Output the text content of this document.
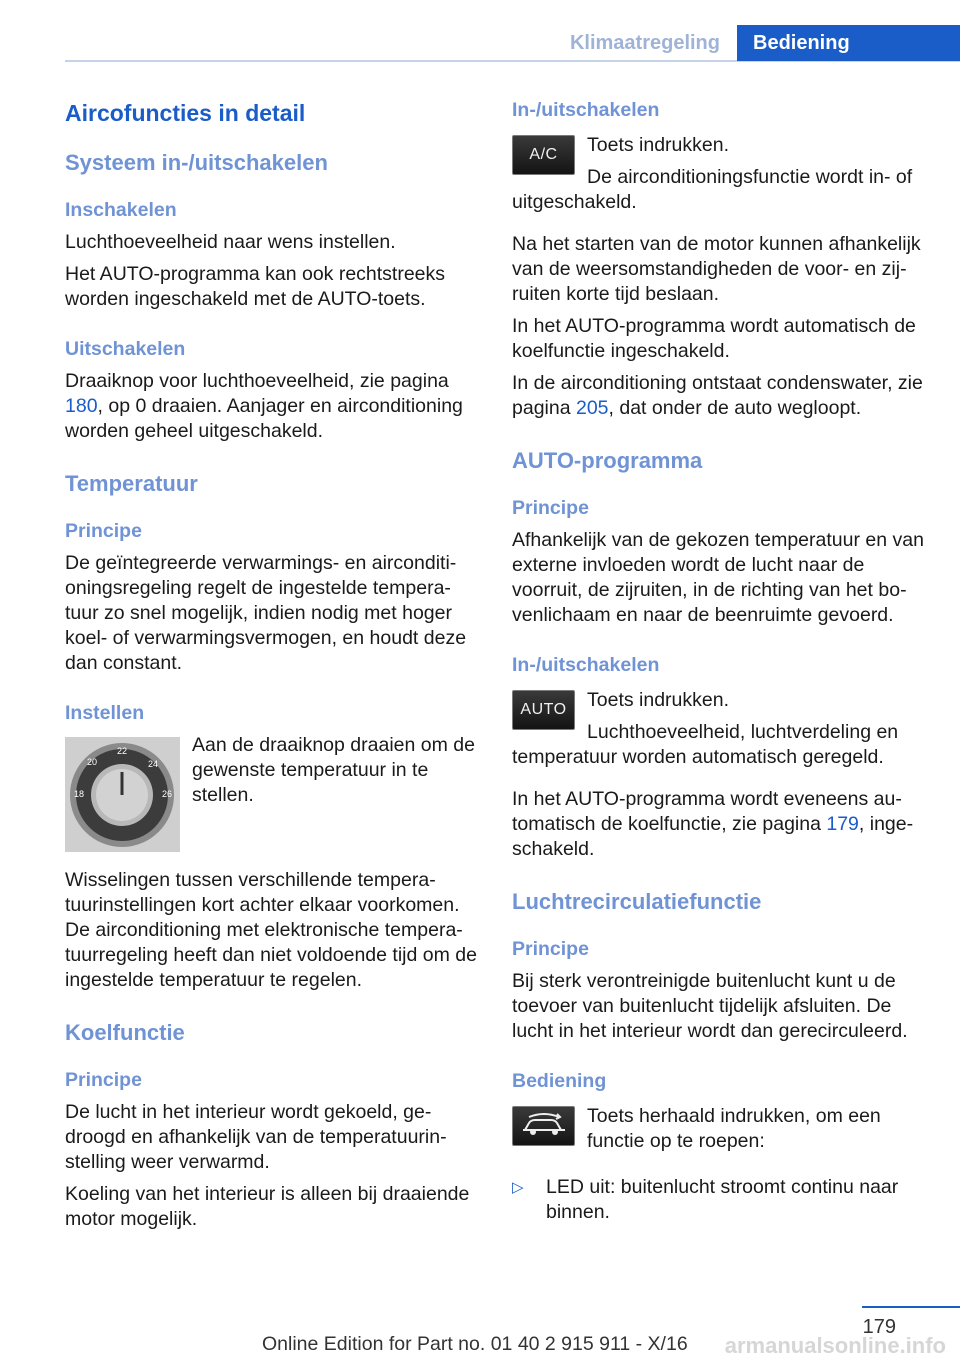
Klimaatregeling	Bediening
Aircofuncties in detail
Systeem in-/uitschakelen
Inschakelen

Luchthoeveelheid naar wens instellen.

Het AUTO-programma kan ook rechtstreeks worden ingeschakeld met de AUTO-toets.

Uitschakelen

Draaiknop voor luchthoeveelheid, zie pagina 180, op 0 draaien. Aanjager en airconditioning worden geheel uitgeschakeld.

Temperatuur
Principe

De geïntegreerde verwarmings- en airconditioningsregeling regelt de ingestelde temperatuur zo snel mogelijk, indien nodig met hoger koel- of verwarmingsvermogen, en houdt deze dan constant.

Instellen
22
20	24
18	26

Aan de draaiknop draaien om de gewenste temperatuur in te stellen.

Wisselingen tussen verschillende temperatuurinstellingen kort achter elkaar voorkomen. De airconditioning met elektronische temperatuurregeling heeft dan niet voldoende tijd om de ingestelde temperatuur te regelen.

Koelfunctie
Principe

De lucht in het interieur wordt gekoeld, gedroogd en afhankelijk van de temperatuurinstelling weer verwarmd.

Koeling van het interieur is alleen bij draaiende motor mogelijk.

In-/uitschakelen
A/C	Toets indrukken.

De airconditioningsfunctie wordt in- of uitgeschakeld.

Na het starten van de motor kunnen afhankelijk van de weersomstandigheden de voor- en zijruiten korte tijd beslaan.

In het AUTO-programma wordt automatisch de koelfunctie ingeschakeld.

In de airconditioning ontstaat condenswater, zie pagina 205, dat onder de auto wegloopt.

AUTO-programma
Principe

Afhankelijk van de gekozen temperatuur en van externe invloeden wordt de lucht naar de voorruit, de zijruiten, in de richting van het bovenlichaam en naar de beenruimte gevoerd.

In-/uitschakelen
AUTO	Toets indrukken.

Luchthoeveelheid, luchtverdeling en temperatuur worden automatisch geregeld.

In het AUTO-programma wordt eveneens automatisch de koelfunctie, zie pagina 179, ingeschakeld.

Luchtrecirculatiefunctie
Principe

Bij sterk verontreinigde buitenlucht kunt u de toevoer van buitenlucht tijdelijk afsluiten. De lucht in het interieur wordt dan gerecirculeerd.

Bediening

Toets herhaald indrukken, om een functie op te roepen:

▷ LED uit: buitenlucht stroomt continu naar binnen.
179
Online Edition for Part no. 01 40 2 915 911 - X/16 armanualsonline.info
